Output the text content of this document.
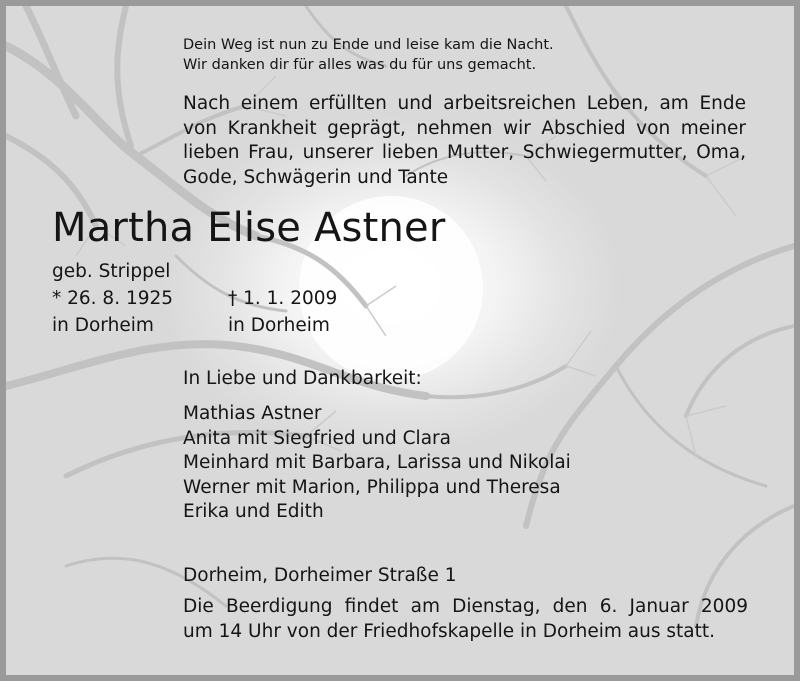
Dein Weg ist nun zu Ende und leise kam die Nacht.
Wir danken dir für alles was du für uns gemacht.
Nach einem erfüllten und arbeitsreichen Leben, am Ende
von Krankheit geprägt, nehmen wir Abschied von meiner
lieben Frau, unserer lieben Mutter, Schwiegermutter, Oma,
Gode, Schwägerin und Tante
Martha Elise Astner
geb. Strippel
* 26. 8. 1925	† 1. 1. 2009
in Dorheim	in Dorheim
In Liebe und Dankbarkeit:
Mathias Astner
Anita mit Siegfried und Clara
Meinhard mit Barbara, Larissa und Nikolai
Werner mit Marion, Philippa und Theresa
Erika und Edith
Dorheim, Dorheimer Straße 1
Die Beerdigung findet am Dienstag, den 6. Januar 2009
um 14 Uhr von der Friedhofskapelle in Dorheim aus statt.
